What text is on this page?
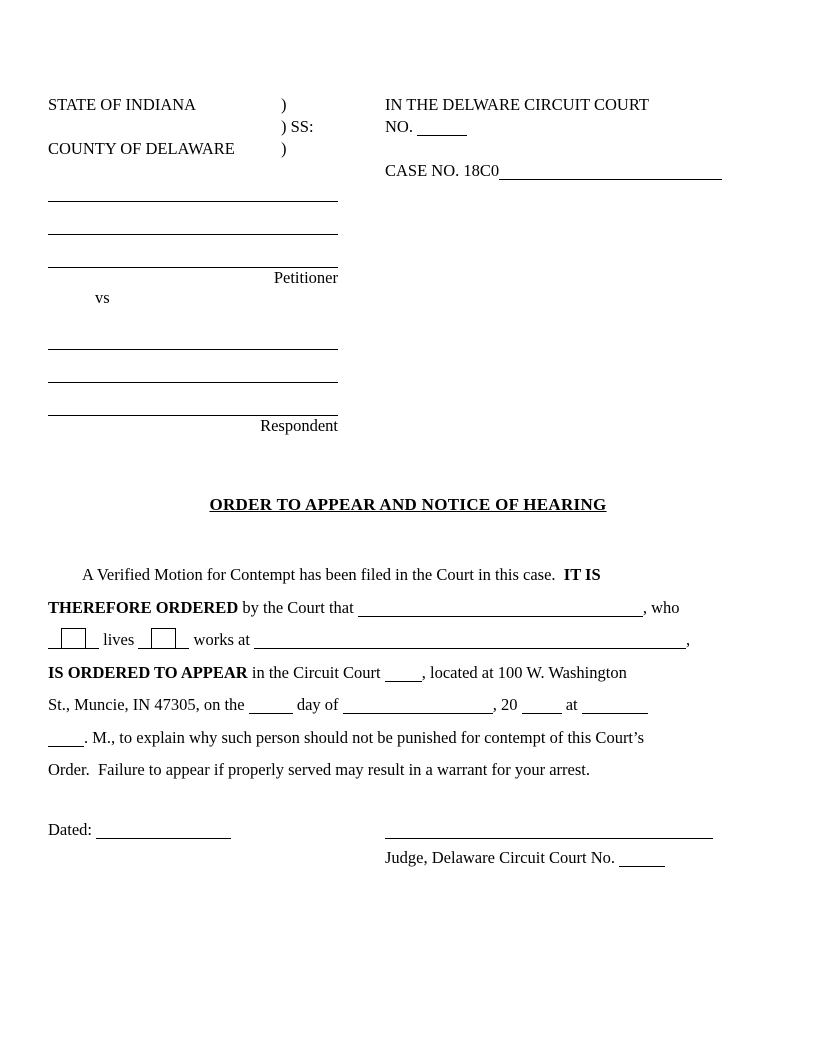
STATE OF INDIANA	)	IN THE DELWARE CIRCUIT COURT
) SS:	NO.
COUNTY OF DELAWARE	)
CASE NO. 18C0
Petitioner
vs
Respondent
ORDER TO APPEAR AND NOTICE OF HEARING
A Verified Motion for Contempt has been filed in the Court in this case.  IT IS
THEREFORE ORDERED by the Court that	, who
lives	works at	,
IS ORDERED TO APPEAR in the Circuit Court , located at 100 W. Washington
St., Muncie, IN 47305, on the	day of	, 20  at
. M., to explain why such person should not be punished for contempt of this Court’s
Order.  Failure to appear if properly served may result in a warrant for your arrest.
Dated:
Judge, Delaware Circuit Court No.
